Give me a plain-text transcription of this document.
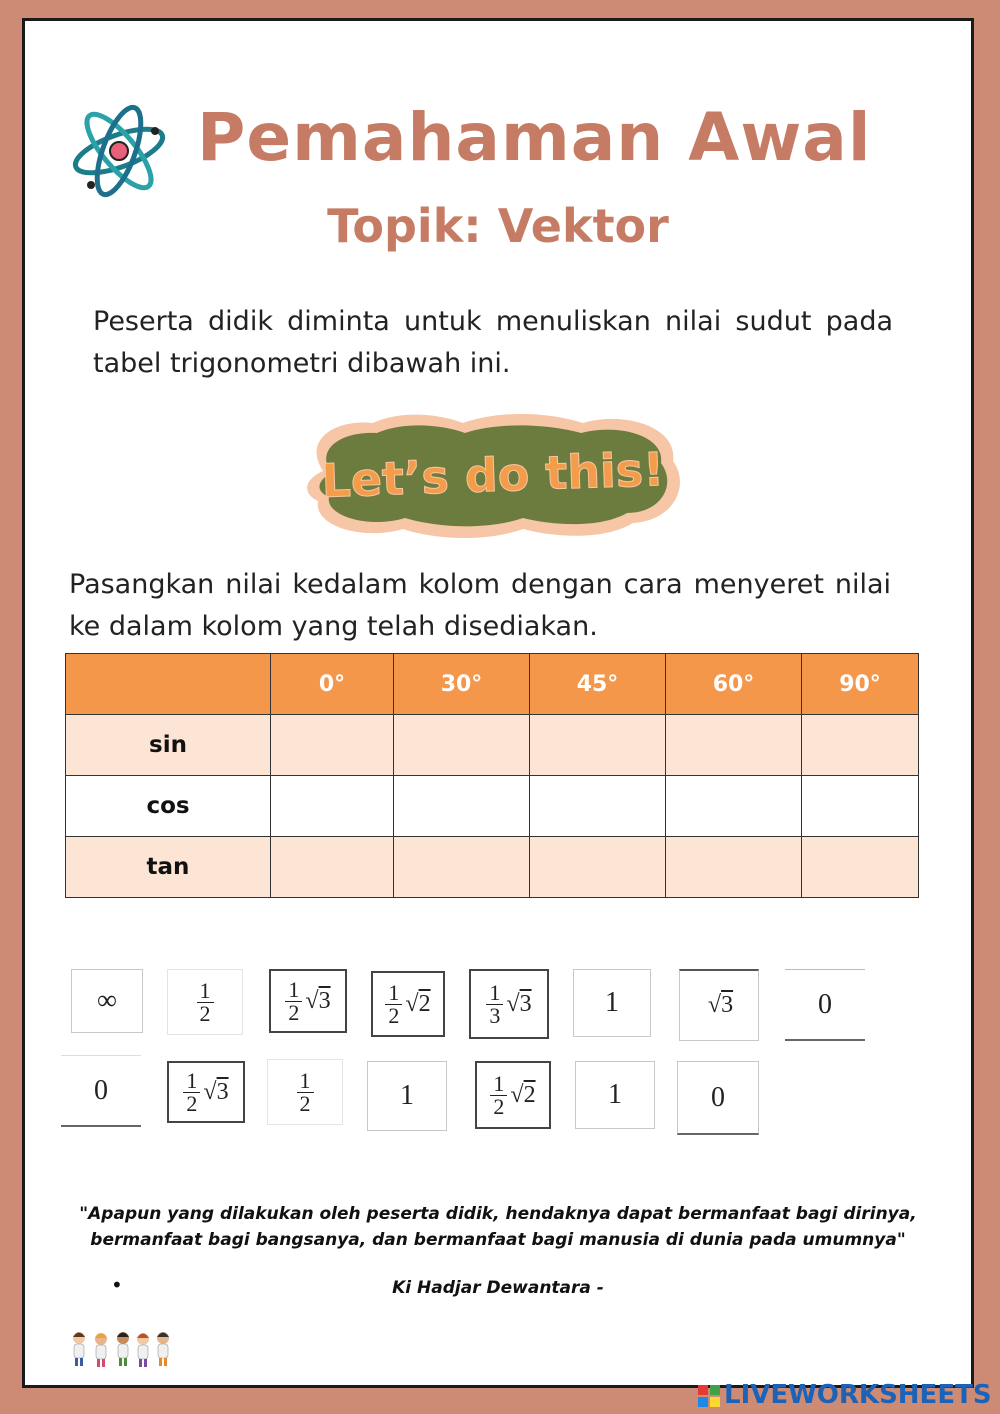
Pemahaman Awal
Topik: Vektor
Peserta didik diminta untuk menuliskan nilai sudut pada tabel trigonometri dibawah ini.
Let’s do this!
Pasangkan nilai kedalam kolom dengan cara menyeret nilai ke dalam kolom yang telah disediakan.
	0°	30°	45°	60°	90°
sin					
cos					
tan					
∞	$\frac{1}{2}$	$\frac{1}{2} √3 \frac{1}{2} √2$	$\frac{1}{3} √3$	1	√3	0
0	$\frac{1}{2} √3$	$\frac{1}{2}$	1	$\frac{1}{2} √2$	1	0
"Apapun yang dilakukan oleh peserta didik, hendaknya dapat bermanfaat bagi dirinya,
bermanfaat bagi bangsanya, dan bermanfaat bagi manusia di dunia pada umumnya"
•	Ki Hadjar Dewantara -
LIVEWORKSHEETS
